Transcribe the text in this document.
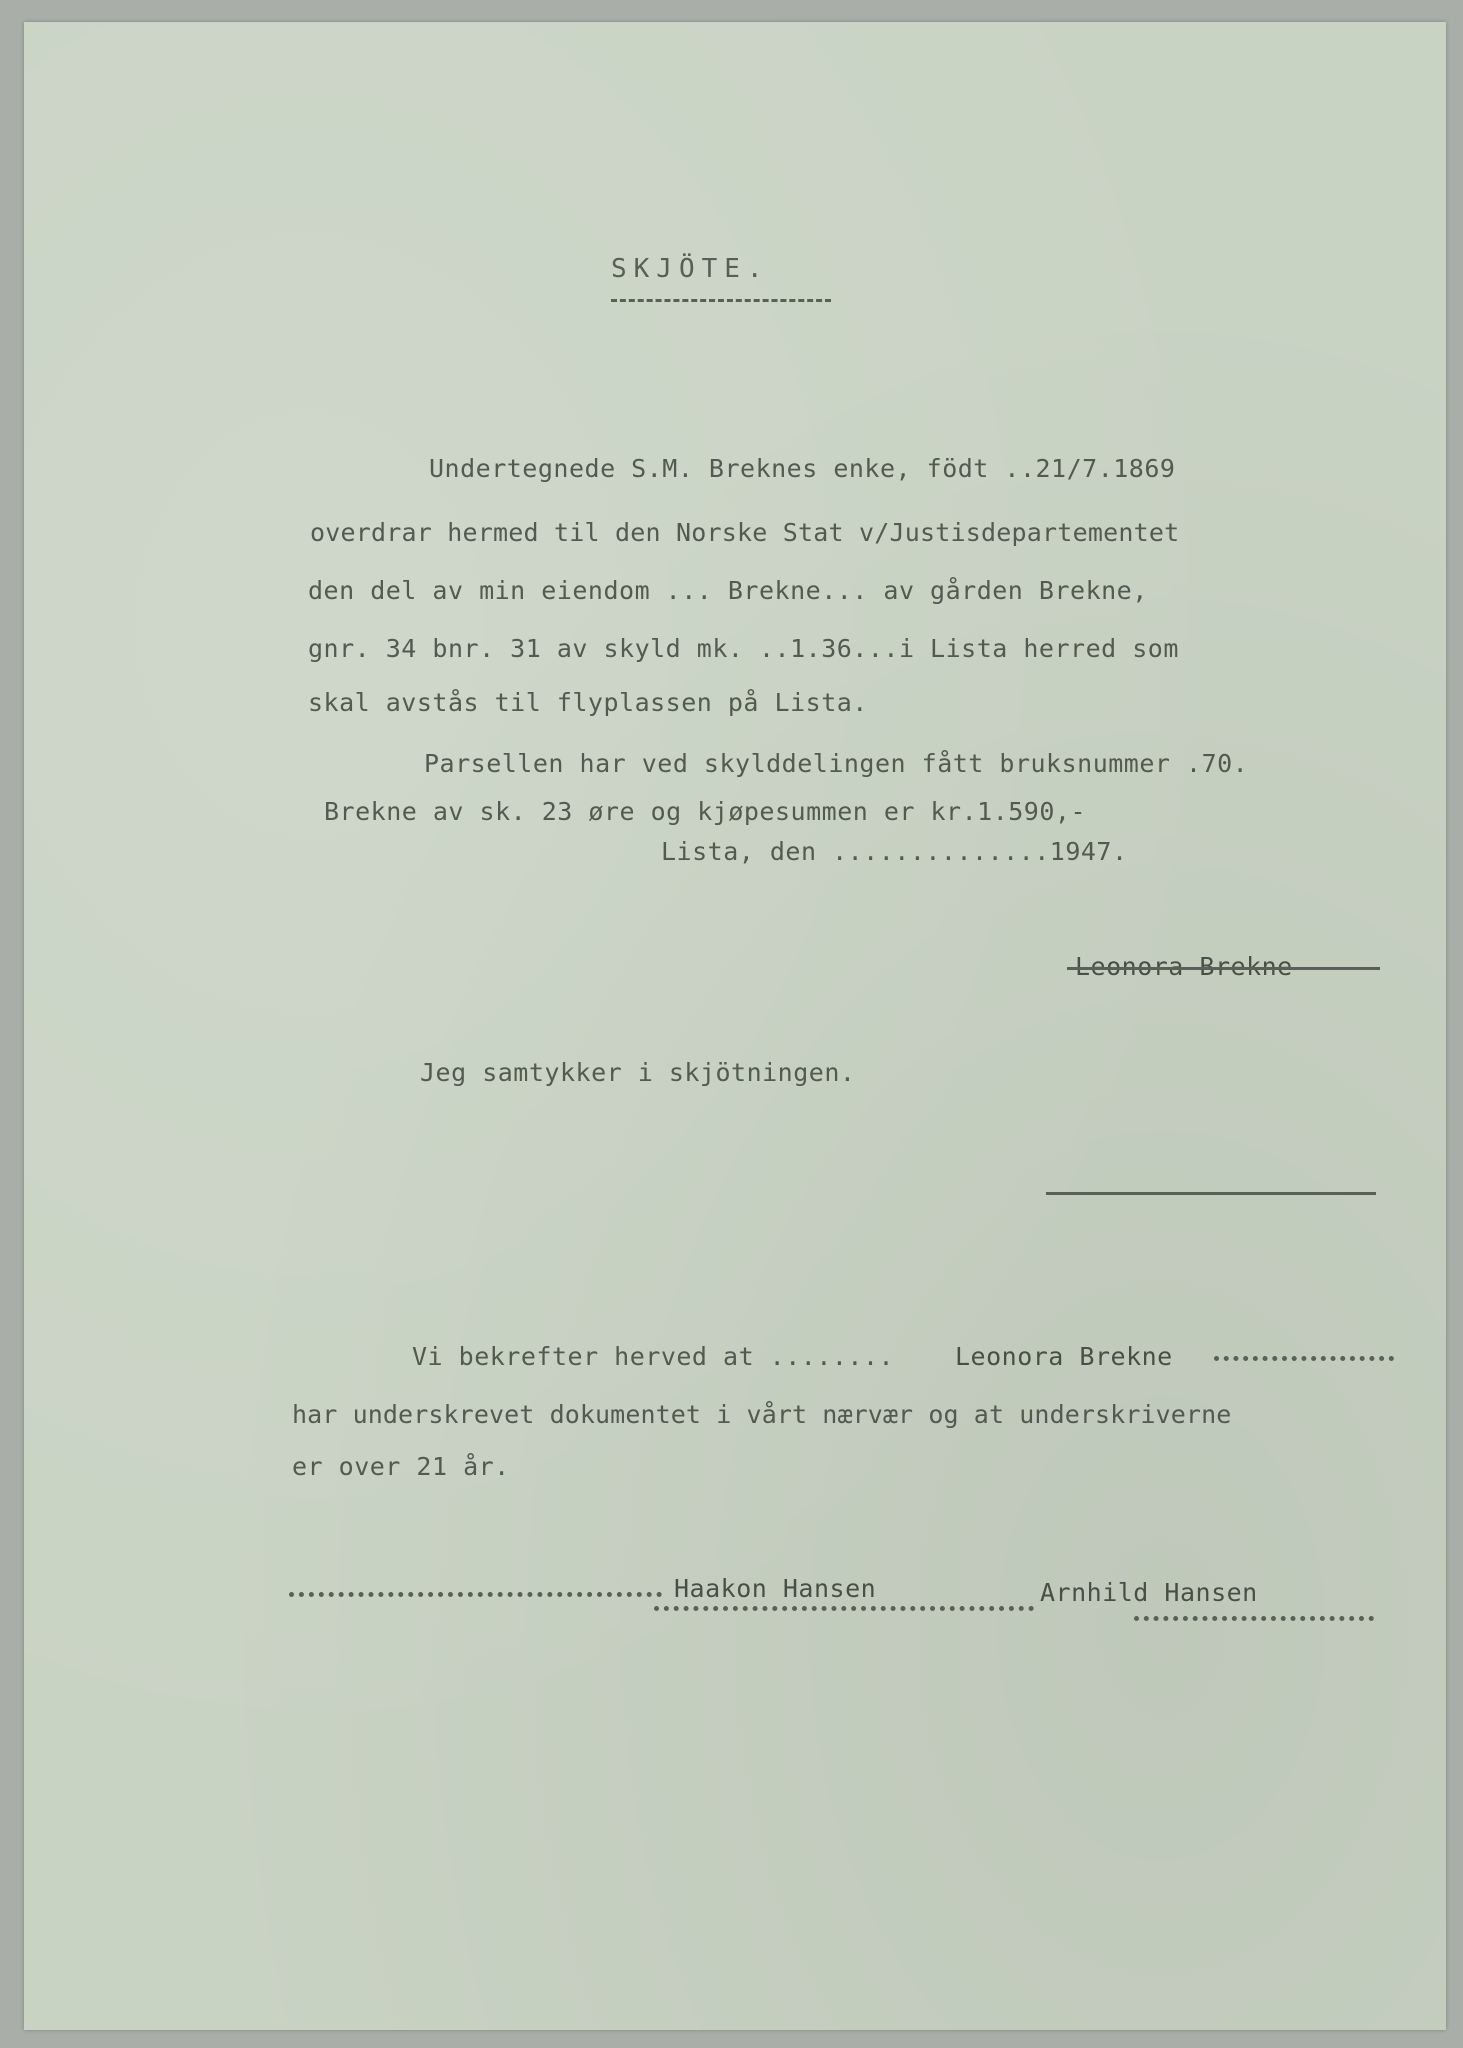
SKJÖTE.
Undertegnede S.M. Breknes enke, födt ..21/7.1869
overdrar hermed til den Norske Stat v/Justisdepartementet
den del av min eiendom ... Brekne... av gården Brekne,
gnr. 34 bnr. 31 av skyld mk. ..1.36...i Lista herred som
skal avstås til flyplassen på Lista.
Parsellen har ved skylddelingen fått bruksnummer .70.
Brekne av sk. 23 øre og kjøpesummen er kr.1.590,-
Lista, den ..............1947.
Leonora Brekne
Jeg samtykker i skjötningen.
Vi bekrefter herved at ........ Leonora Brekne
har underskrevet dokumentet i vårt nærvær og at underskriverne
er over 21 år.
Haakon Hansen	Arnhild Hansen
